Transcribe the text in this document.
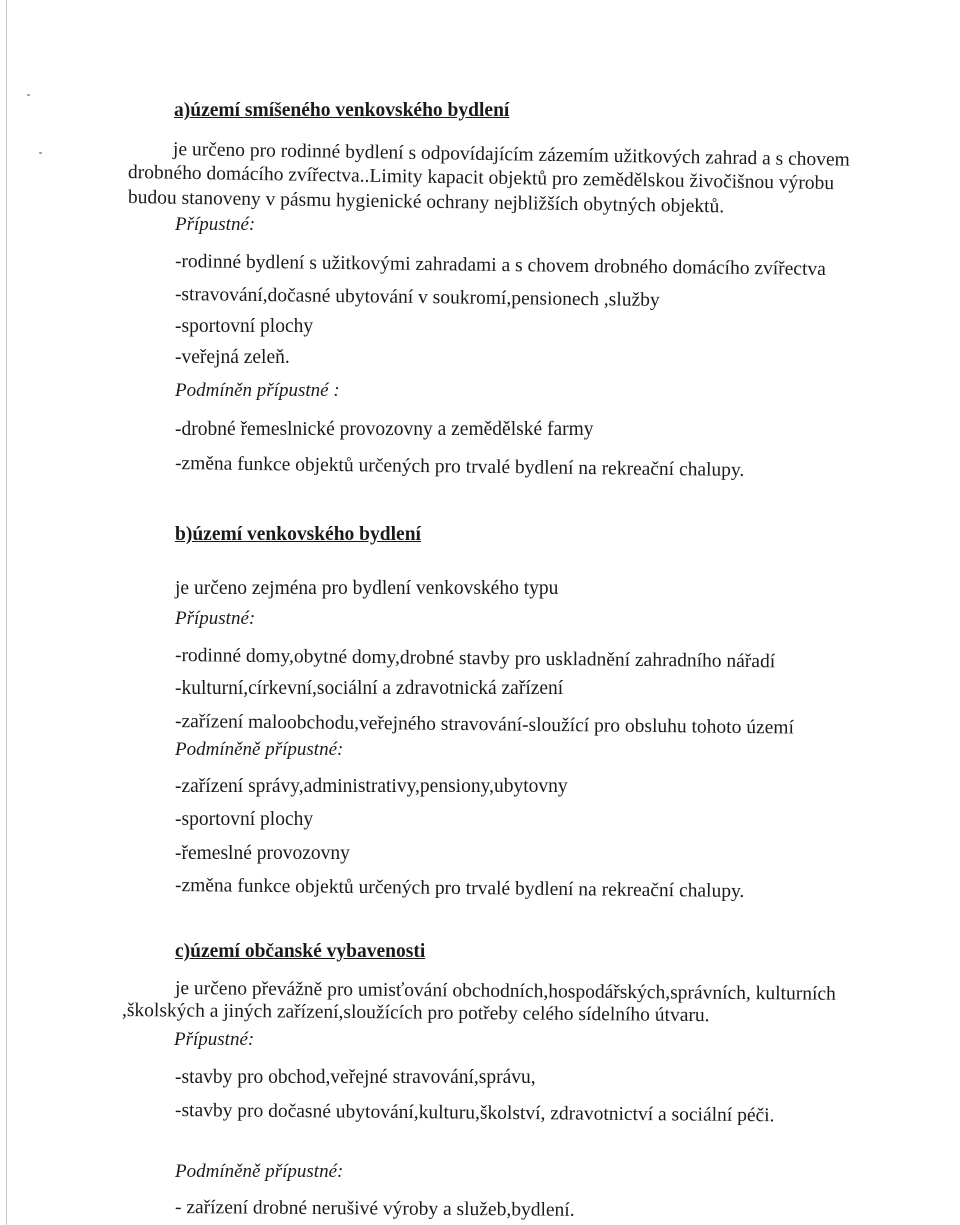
a)území smíšeného venkovského bydlení

je určeno pro rodinné bydlení s odpovídajícím zázemím užitkových zahrad a s chovem

drobného domácího zvířectva..Limity kapacit objektů pro zemědělskou živočišnou výrobu

budou stanoveny v pásmu hygienické ochrany nejbližších obytných objektů.

Přípustné:

-rodinné bydlení s užitkovými zahradami a s chovem drobného domácího zvířectva

-stravování,dočasné ubytování v soukromí,pensionech ,služby

-sportovní plochy

-veřejná zeleň.

Podmíněn přípustné :

-drobné řemeslnické provozovny a zemědělské farmy

-změna funkce objektů určených pro trvalé bydlení na rekreační chalupy.

b)území venkovského bydlení

je určeno zejména pro bydlení venkovského typu

Přípustné:

-rodinné domy,obytné domy,drobné stavby pro uskladnění zahradního nářadí

-kulturní,církevní,sociální a zdravotnická zařízení

-zařízení maloobchodu,veřejného stravování-sloužící pro obsluhu tohoto území

Podmíněně přípustné:

-zařízení správy,administrativy,pensiony,ubytovny

-sportovní plochy

-řemeslné provozovny

-změna funkce objektů určených pro trvalé bydlení na rekreační chalupy.

c)území občanské vybavenosti

je určeno převážně pro umisťování obchodních,hospodářských,správních, kulturních

,školských a jiných zařízení,sloužících pro potřeby celého sídelního útvaru.

Přípustné:

-stavby pro obchod,veřejné stravování,správu,

-stavby pro dočasné ubytování,kulturu,školství, zdravotnictví a sociální péči.

Podmíněně přípustné:

- zařízení drobné nerušivé výroby a služeb,bydlení.
